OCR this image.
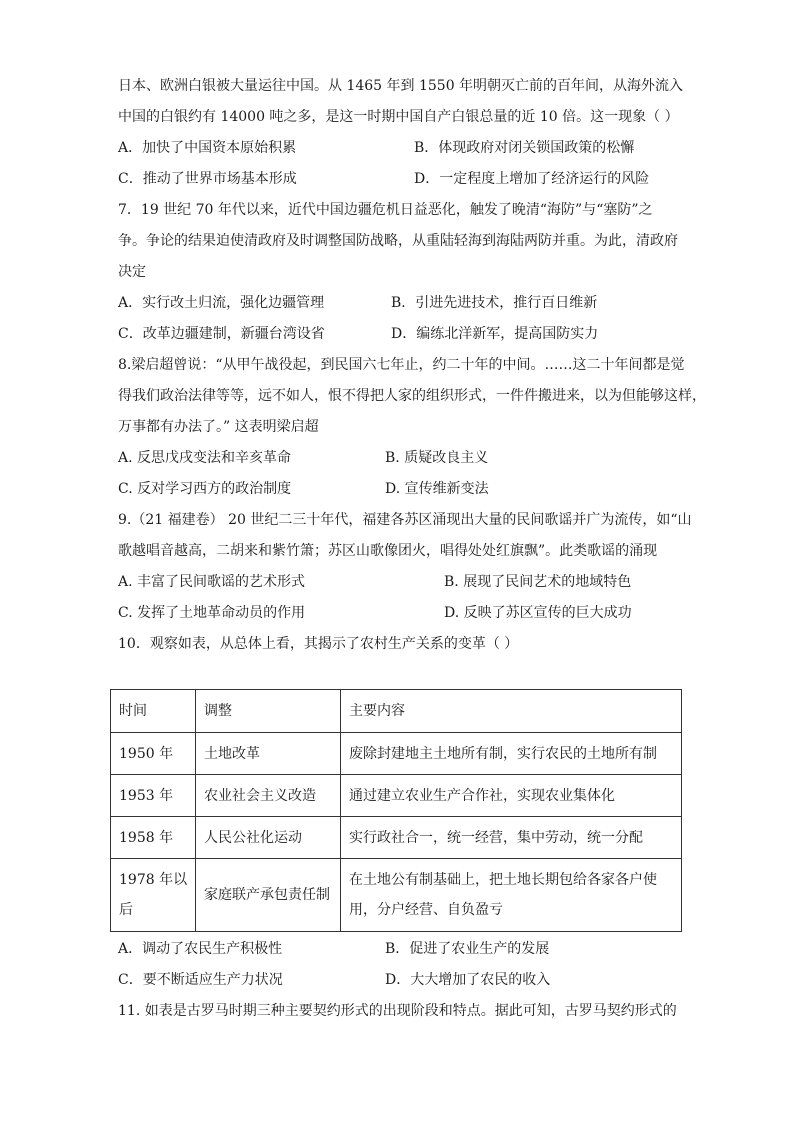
日本、欧洲白银被大量运往中国。从 1465 年到 1550 年明朝灭亡前的百年间，从海外流入
中国的白银约有 14000 吨之多，是这一时期中国自产白银总量的近 10 倍。这一现象（ ）
A．加快了中国资本原始积累	B．体现政府对闭关锁国政策的松懈
C．推动了世界市场基本形成	D．一定程度上增加了经济运行的风险
7．19 世纪 70 年代以来，近代中国边疆危机日益恶化，触发了晚清“海防”与“塞防”之
争。争论的结果迫使清政府及时调整国防战略，从重陆轻海到海陆两防并重。为此，清政府
决定
A．实行改土归流，强化边疆管理	B．引进先进技术，推行百日维新
C．改革边疆建制，新疆台湾设省	D．编练北洋新军，提高国防实力
8.梁启超曾说：“从甲午战役起，到民国六七年止，约二十年的中间。……这二十年间都是觉
得我们政治法律等等，远不如人，恨不得把人家的组织形式，一件件搬进来，以为但能够这样，
万事都有办法了。” 这表明梁启超
A. 反思戊戌变法和辛亥革命	B. 质疑改良主义
C. 反对学习西方的政治制度	D. 宣传维新变法
9.（21 福建卷） 20 世纪二三十年代，福建各苏区涌现出大量的民间歌谣并广为流传，如“山
歌越唱音越高，二胡来和紫竹箫；苏区山歌像团火，唱得处处红旗飘”。此类歌谣的涌现
A. 丰富了民间歌谣的艺术形式	B. 展现了民间艺术的地域特色
C. 发挥了土地革命动员的作用	D. 反映了苏区宣传的巨大成功
10．观察如表，从总体上看，其揭示了农村生产关系的变革（ ）
时间	调整	主要内容
1950 年	土地改革	废除封建地主土地所有制，实行农民的土地所有制
1953 年	农业社会主义改造	通过建立农业生产合作社，实现农业集体化
1958 年	人民公社化运动	实行政社合一，统一经营，集中劳动，统一分配
1978 年以后	家庭联产承包责任制	在土地公有制基础上，把土地长期包给各家各户使用，分户经营、自负盈亏
A．调动了农民生产积极性	B．促进了农业生产的发展
C．要不断适应生产力状况	D．大大增加了农民的收入
11. 如表是古罗马时期三种主要契约形式的出现阶段和特点。据此可知，古罗马契约形式的
